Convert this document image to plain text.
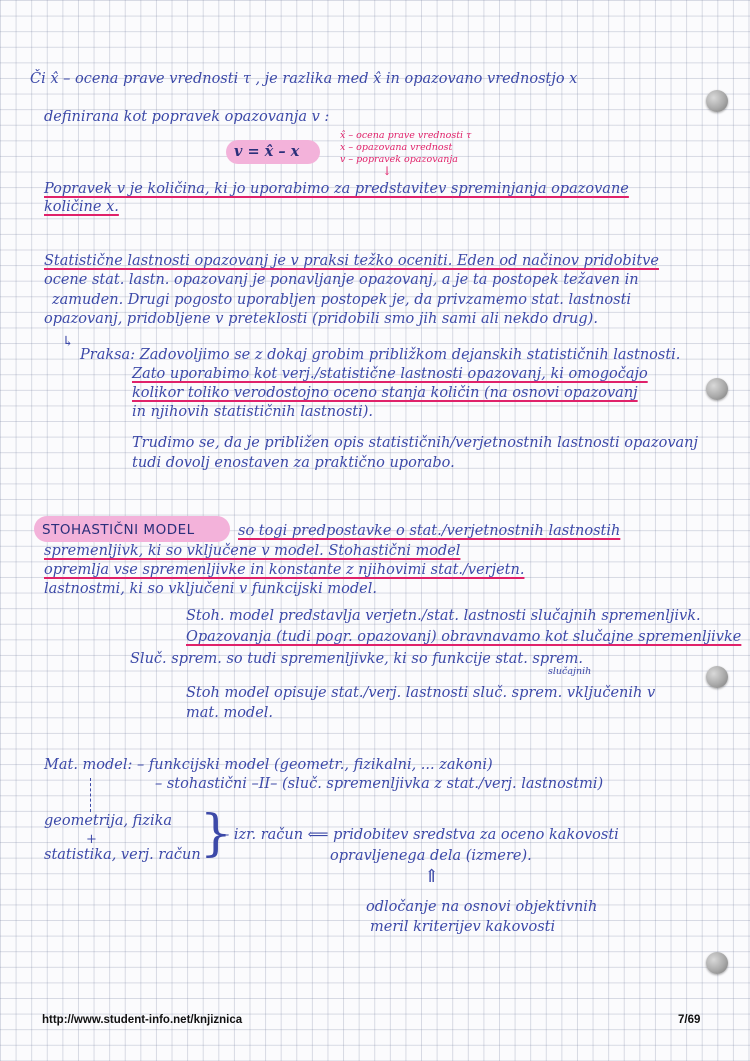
Či x̂ – ocena prave vrednosti τ , je razlika med x̂ in opazovano vrednostjo x
definirana kot popravek opazovanja v :
v = x̂ – x
x̂ – ocena prave vrednosti τ
x – opazovana vrednost
v – popravek opazovanja
↓
Popravek v je količina, ki jo uporabimo za predstavitev spreminjanja opazovane
količine x.
Statistične lastnosti opazovanj je v praksi težko oceniti. Eden od načinov pridobitve
ocene stat. lastn. opazovanj je ponavljanje opazovanj, a je ta postopek težaven in
zamuden. Drugi pogosto uporabljen postopek je, da privzamemo stat. lastnosti
opazovanj, pridobljene v preteklosti (pridobili smo jih sami ali nekdo drug).
↳
Praksa: Zadovoljimo se z dokaj grobim približkom dejanskih statističnih lastnosti.
Zato uporabimo kot verj./statistične lastnosti opazovanj, ki omogočajo
kolikor toliko verodostojno oceno stanja količin (na osnovi opazovanj
in njihovih statističnih lastnosti).
Trudimo se, da je približen opis statističnih/verjetnostnih lastnosti opazovanj
tudi dovolj enostaven za praktično uporabo.
STOHASTIČNI MODEL	so togi predpostavke o stat./verjetnostnih lastnostih
spremenljivk, ki so vključene v model. Stohastični model
opremlja vse spremenljivke in konstante z njihovimi stat./verjetn.
lastnostmi, ki so vključeni v funkcijski model.
Stoh. model predstavlja verjetn./stat. lastnosti slučajnih spremenljivk.
Opazovanja (tudi pogr. opazovanj) obravnavamo kot slučajne spremenljivke
Sluč. sprem. so tudi spremenljivke, ki so funkcije stat. sprem.
slučajnih
Stoh model opisuje stat./verj. lastnosti sluč. sprem. vključenih v
mat. model.
Mat. model: – funkcijski model (geometr., fizikalni, ... zakoni)
– stohastični –II– (sluč. spremenljivka z stat./verj. lastnostmi)
geometrija, fizika
+
statistika, verj. račun }
– izr. račun ⟸ pridobitev sredstva za oceno kakovosti
opravljenega dela (izmere).
⇑
odločanje na osnovi objektivnih
meril kriterijev kakovosti
http://www.student-info.net/knjiznica	7/69
